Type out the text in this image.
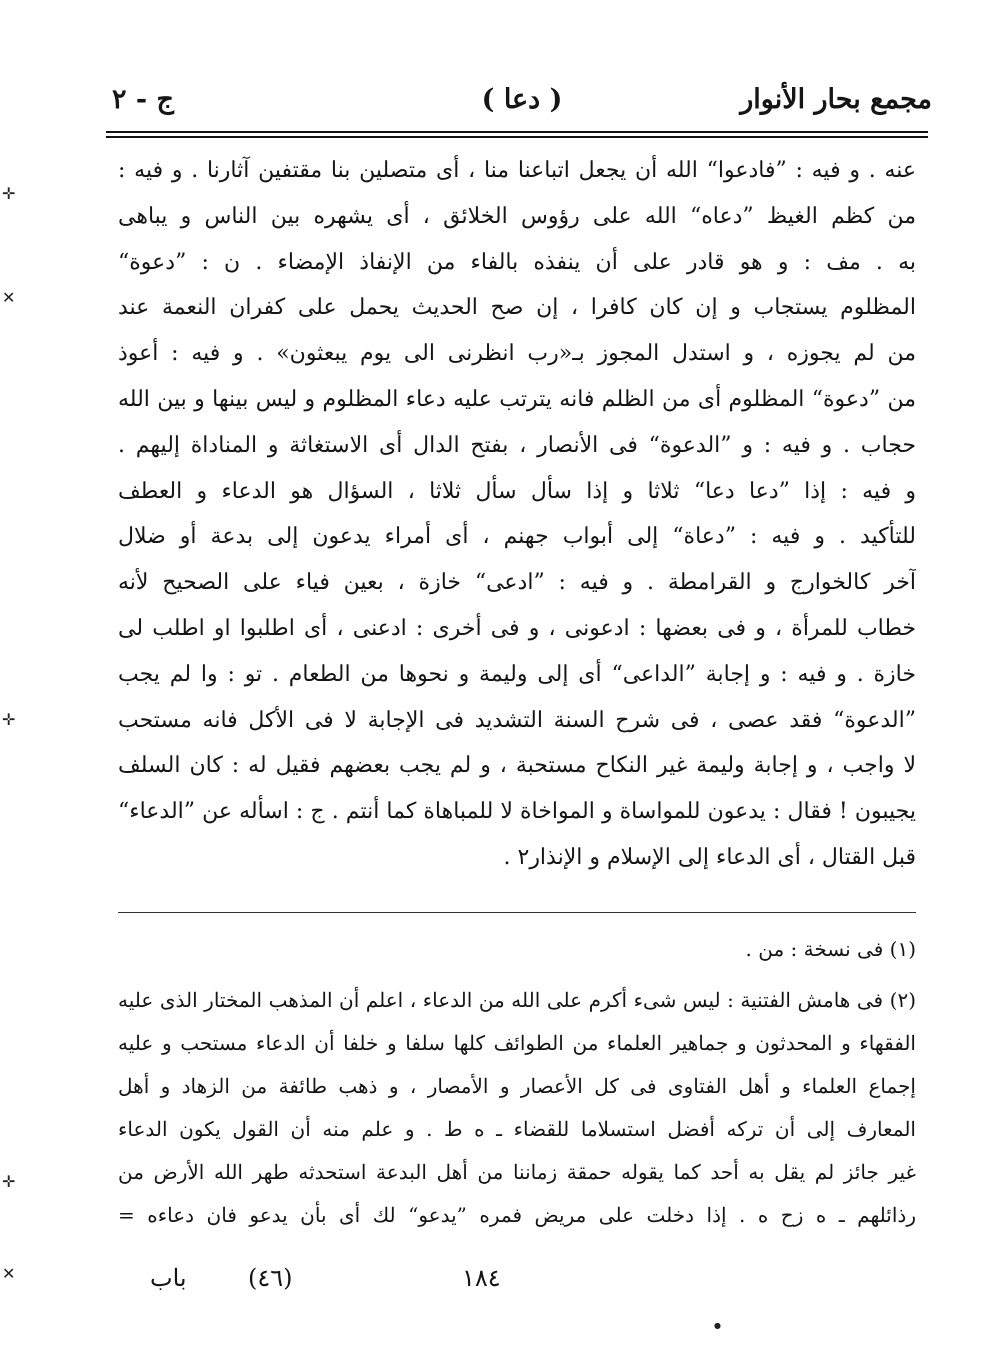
مجمع بحار الأنوار
( دعا )
ج - ٢
عنه . و فيه : ”فادعوا“ الله أن يجعل اتباعنا منا ، أى متصلين بنا مقتفين آثارنا . و فيه :
من كظم الغيظ ”دعاه“ الله على رؤوس الخلائق ، أى يشهره بين الناس و يباهى
به . مف : و هو قادر على أن ينفذه بالفاء من الإنفاذ الإمضاء . ن : ”دعوة“
المظلوم يستجاب و إن كان كافرا ، إن صح الحديث يحمل على كفران النعمة عند
من لم يجوزه ، و استدل المجوز بـ«رب انظرنى الى يوم يبعثون» . و فيه : أعوذ
من ”دعوة“ المظلوم أى من الظلم فانه يترتب عليه دعاء المظلوم و ليس بينها و بين الله
حجاب . و فيه : و ”الدعوة“ فى الأنصار ، بفتح الدال أى الاستغاثة و المناداة إليهم .
و فيه : إذا ”دعا دعا“ ثلاثا و إذا سأل سأل ثلاثا ، السؤال هو الدعاء و العطف
للتأكيد . و فيه : ”دعاة“ إلى أبواب جهنم ، أى أمراء يدعون إلى بدعة أو ضلال
آخر كالخوارج و القرامطة . و فيه : ”ادعى“ خازة ، بعين فياء على الصحيح لأنه
خطاب للمرأة ، و فى بعضها : ادعونى ، و فى أخرى : ادعنى ، أى اطلبوا او اطلب لى
خازة . و فيه : و إجابة ”الداعى“ أى إلى وليمة و نحوها من الطعام . تو : وا لم يجب
”الدعوة“ فقد عصى ، فى شرح السنة التشديد فى الإجابة لا فى الأكل فانه مستحب
لا واجب ، و إجابة وليمة غير النكاح مستحبة ، و لم يجب بعضهم فقيل له : كان السلف
يجيبون ! فقال : يدعون للمواساة و المواخاة لا للمباهاة كما أنتم . ج : اسأله عن ”الدعاء“
قبل القتال ، أى الدعاء إلى الإسلام و الإنذار٢ .
(١) فى نسخة : من .
(٢) فى هامش الفتنية : ليس شىء أكرم على الله من الدعاء ، اعلم أن المذهب المختار الذى عليه
الفقهاء و المحدثون و جماهير العلماء من الطوائف كلها سلفا و خلفا أن الدعاء مستحب و عليه
إجماع العلماء و أهل الفتاوى فى كل الأعصار و الأمصار ، و ذهب طائفة من الزهاد و أهل
المعارف إلى أن تركه أفضل استسلاما للقضاء ـ ه ط . و علم منه أن القول يكون الدعاء
غير جائز لم يقل به أحد كما يقوله حمقة زماننا من أهل البدعة استحدثه طهر الله الأرض من
رذائلهم ـ ه زح ه . إذا دخلت على مريض فمره ”يدعو“ لك أى بأن يدعو فان دعاءه =
باب	(٤٦)	١٨٤
✛
✕
✛
✛
✕
●
